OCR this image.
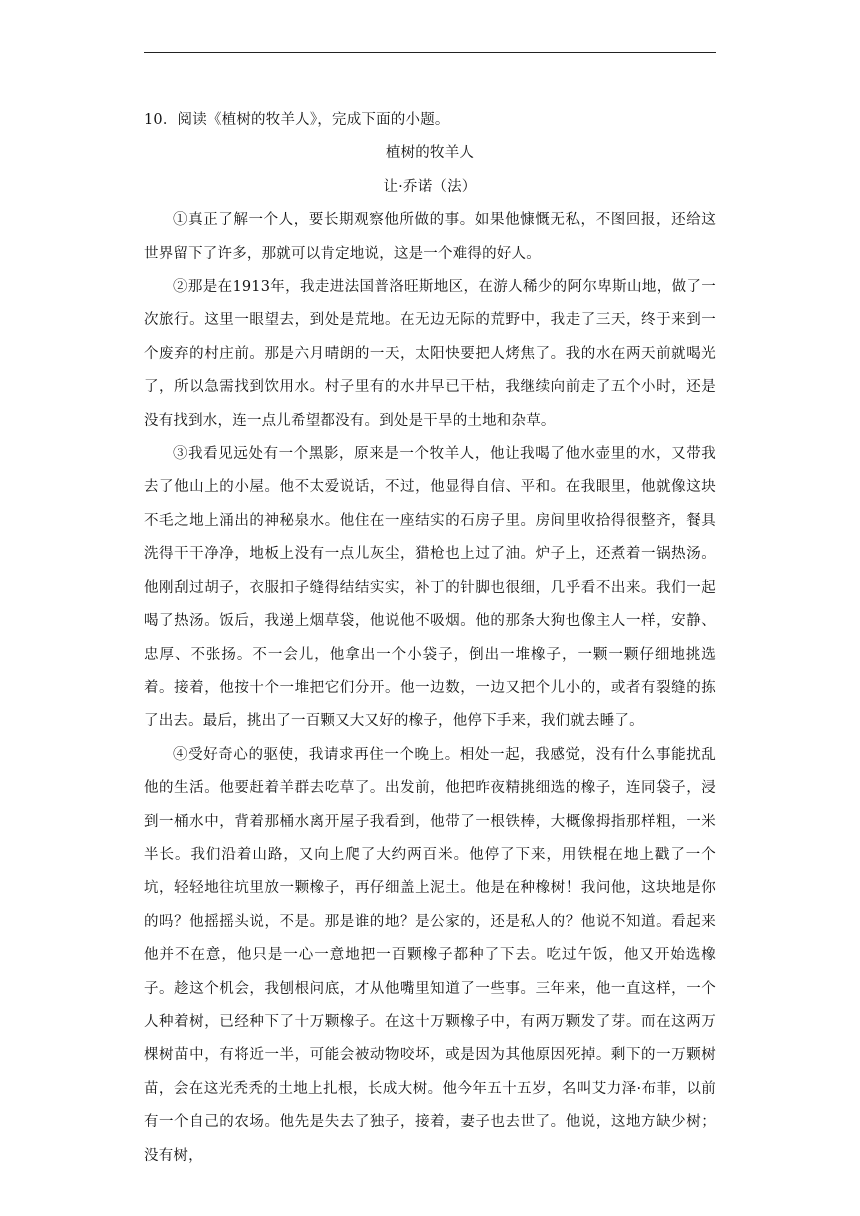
10．阅读《植树的牧羊人》，完成下面的小题。

植树的牧羊人

让·乔诺（法）

①真正了解一个人，要长期观察他所做的事。如果他慷慨无私，不图回报，还给这世界留下了许多，那就可以肯定地说，这是一个难得的好人。

②那是在1913年，我走进法国普洛旺斯地区，在游人稀少的阿尔卑斯山地，做了一次旅行。这里一眼望去，到处是荒地。在无边无际的荒野中，我走了三天，终于来到一个废弃的村庄前。那是六月晴朗的一天，太阳快要把人烤焦了。我的水在两天前就喝光了，所以急需找到饮用水。村子里有的水井早已干枯，我继续向前走了五个小时，还是没有找到水，连一点儿希望都没有。到处是干旱的土地和杂草。

③我看见远处有一个黑影，原来是一个牧羊人，他让我喝了他水壶里的水，又带我去了他山上的小屋。他不太爱说话，不过，他显得自信、平和。在我眼里，他就像这块不毛之地上涌出的神秘泉水。他住在一座结实的石房子里。房间里收拾得很整齐，餐具洗得干干净净，地板上没有一点儿灰尘，猎枪也上过了油。炉子上，还煮着一锅热汤。他刚刮过胡子，衣服扣子缝得结结实实，补丁的针脚也很细，几乎看不出来。我们一起喝了热汤。饭后，我递上烟草袋，他说他不吸烟。他的那条大狗也像主人一样，安静、忠厚、不张扬。不一会儿，他拿出一个小袋子，倒出一堆橡子，一颗一颗仔细地挑选着。接着，他按十个一堆把它们分开。他一边数，一边又把个儿小的，或者有裂缝的拣了出去。最后，挑出了一百颗又大又好的橡子，他停下手来，我们就去睡了。

④受好奇心的驱使，我请求再住一个晚上。相处一起，我感觉，没有什么事能扰乱他的生活。他要赶着羊群去吃草了。出发前，他把昨夜精挑细选的橡子，连同袋子，浸到一桶水中，背着那桶水离开屋子我看到，他带了一根铁棒，大概像拇指那样粗，一米半长。我们沿着山路，又向上爬了大约两百米。他停了下来，用铁棍在地上戳了一个坑，轻轻地往坑里放一颗橡子，再仔细盖上泥土。他是在种橡树！我问他，这块地是你的吗？他摇摇头说，不是。那是谁的地？是公家的，还是私人的？他说不知道。看起来他并不在意，他只是一心一意地把一百颗橡子都种了下去。吃过午饭，他又开始选橡子。趁这个机会，我刨根问底，才从他嘴里知道了一些事。三年来，他一直这样，一个人种着树，已经种下了十万颗橡子。在这十万颗橡子中，有两万颗发了芽。而在这两万棵树苗中，有将近一半，可能会被动物咬坏，或是因为其他原因死掉。剩下的一万颗树苗，会在这光秃秃的土地上扎根，长成大树。他今年五十五岁，名叫艾力泽·布菲，以前有一个自己的农场。他先是失去了独子，接着，妻子也去世了。他说，这地方缺少树；没有树，
